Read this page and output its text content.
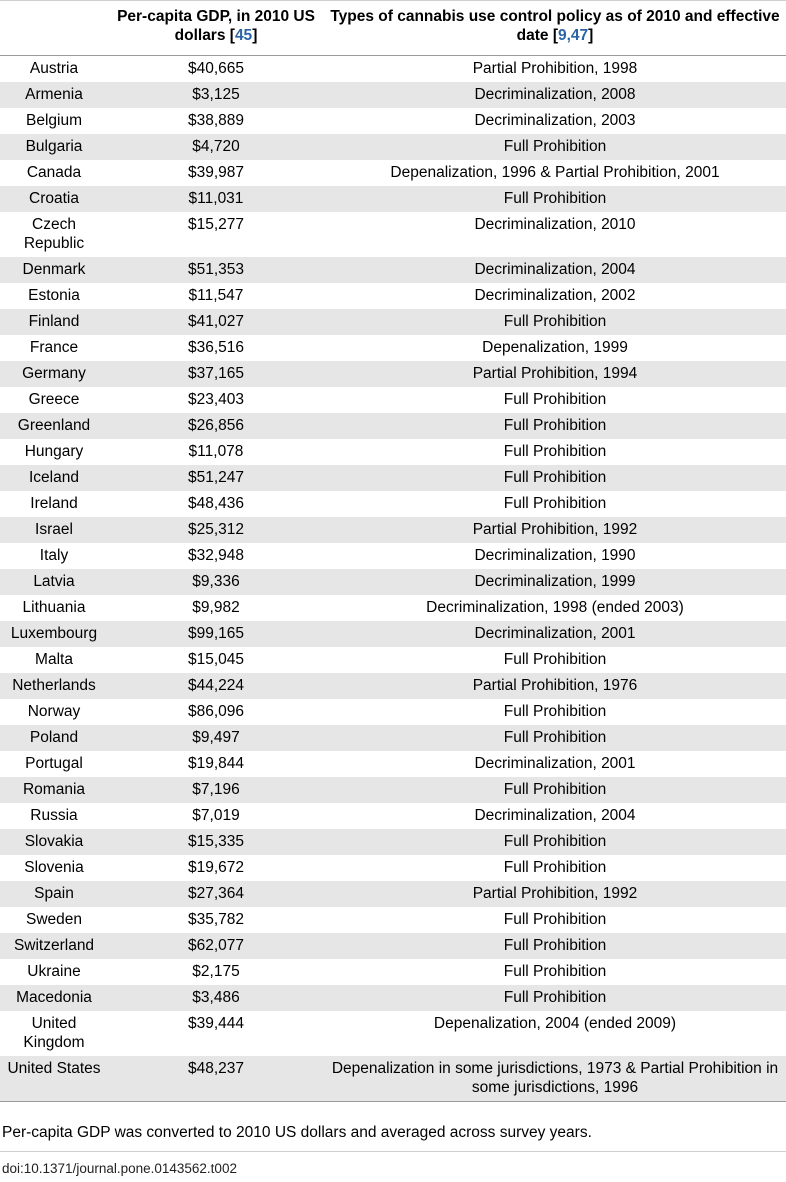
	Per-capita GDP, in 2010 US dollars [45]	Types of cannabis use control policy as of 2010 and effective date [9,47]
Austria	$40,665	Partial Prohibition, 1998
Armenia	$3,125	Decriminalization, 2008
Belgium	$38,889	Decriminalization, 2003
Bulgaria	$4,720	Full Prohibition
Canada	$39,987	Depenalization, 1996 & Partial Prohibition, 2001
Croatia	$11,031	Full Prohibition
Czech Republic	$15,277	Decriminalization, 2010
Denmark	$51,353	Decriminalization, 2004
Estonia	$11,547	Decriminalization, 2002
Finland	$41,027	Full Prohibition
France	$36,516	Depenalization, 1999
Germany	$37,165	Partial Prohibition, 1994
Greece	$23,403	Full Prohibition
Greenland	$26,856	Full Prohibition
Hungary	$11,078	Full Prohibition
Iceland	$51,247	Full Prohibition
Ireland	$48,436	Full Prohibition
Israel	$25,312	Partial Prohibition, 1992
Italy	$32,948	Decriminalization, 1990
Latvia	$9,336	Decriminalization, 1999
Lithuania	$9,982	Decriminalization, 1998 (ended 2003)
Luxembourg	$99,165	Decriminalization, 2001
Malta	$15,045	Full Prohibition
Netherlands	$44,224	Partial Prohibition, 1976
Norway	$86,096	Full Prohibition
Poland	$9,497	Full Prohibition
Portugal	$19,844	Decriminalization, 2001
Romania	$7,196	Full Prohibition
Russia	$7,019	Decriminalization, 2004
Slovakia	$15,335	Full Prohibition
Slovenia	$19,672	Full Prohibition
Spain	$27,364	Partial Prohibition, 1992
Sweden	$35,782	Full Prohibition
Switzerland	$62,077	Full Prohibition
Ukraine	$2,175	Full Prohibition
Macedonia	$3,486	Full Prohibition
United Kingdom	$39,444	Depenalization, 2004 (ended 2009)
United States	$48,237	Depenalization in some jurisdictions, 1973 & Partial Prohibition in some jurisdictions, 1996
Per-capita GDP was converted to 2010 US dollars and averaged across survey years.
doi:10.1371/journal.pone.0143562.t002
